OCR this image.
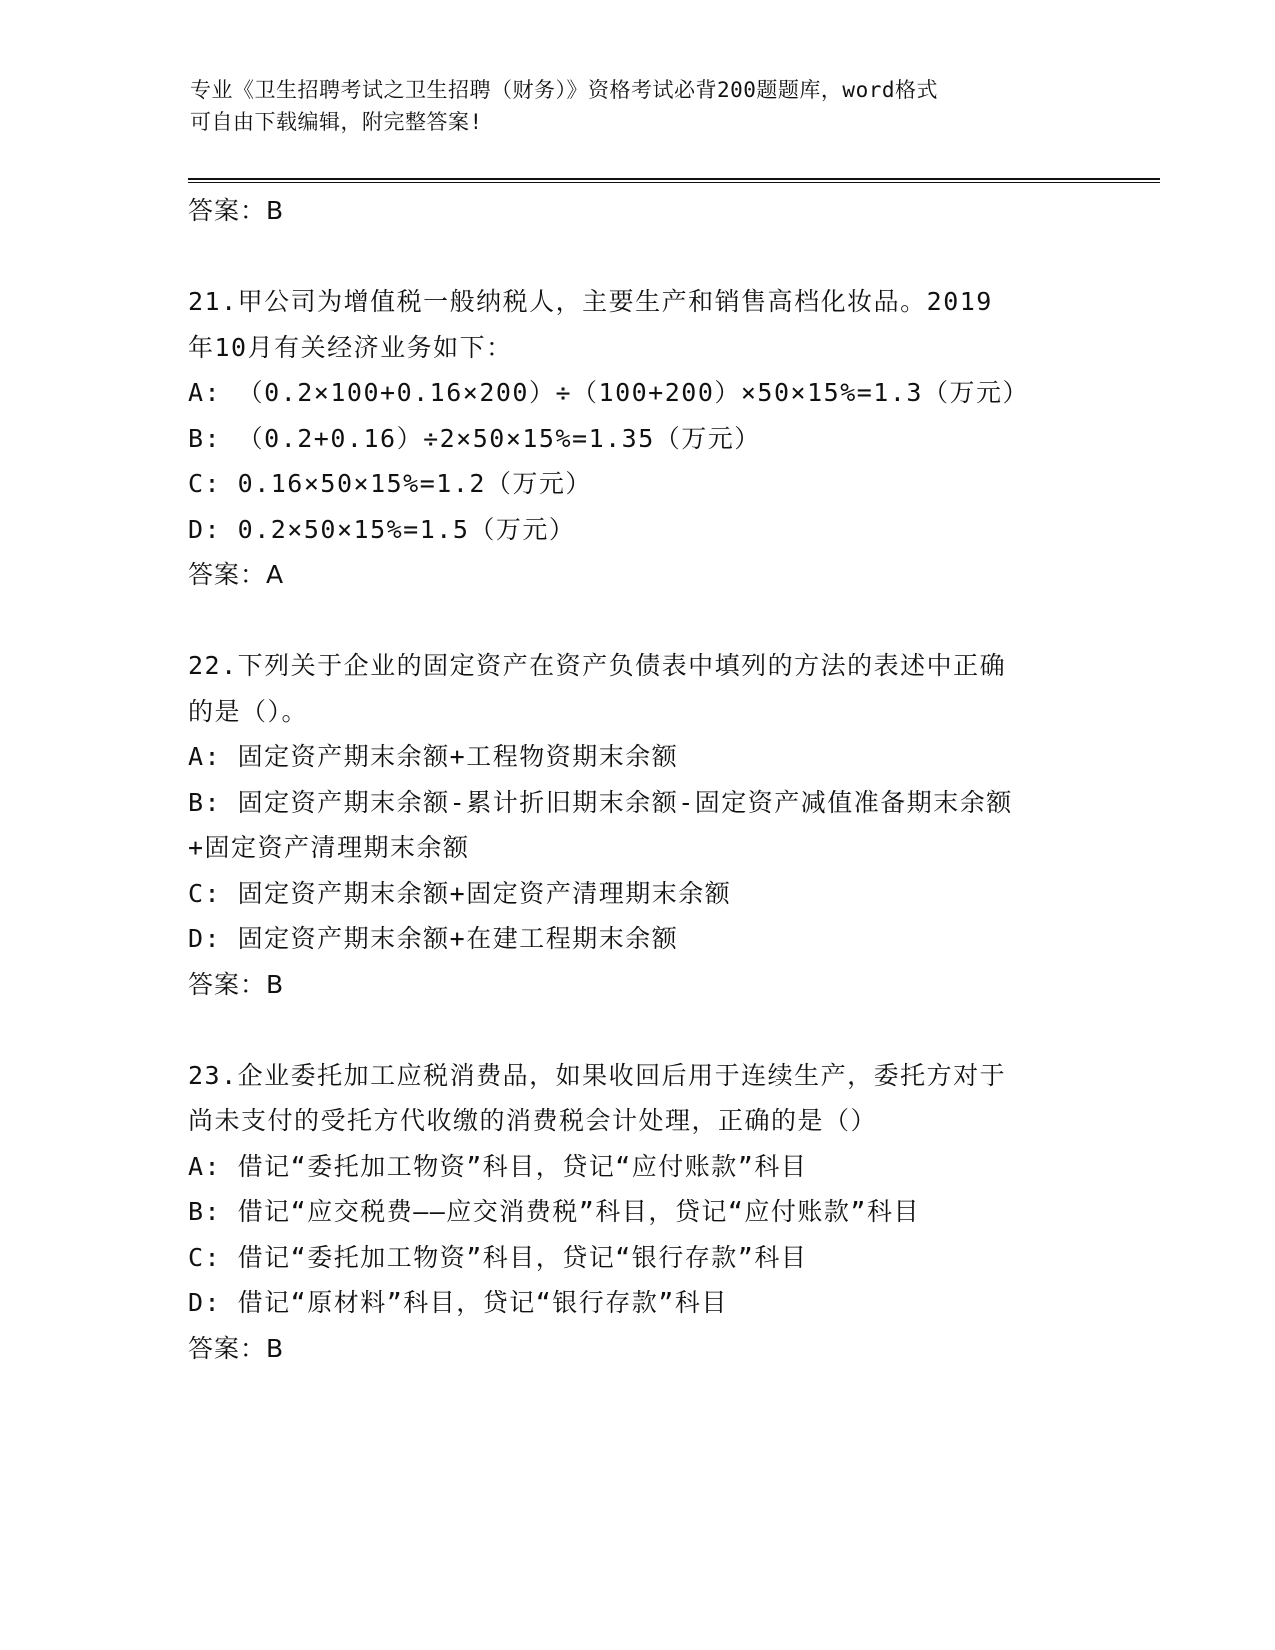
专业《卫生招聘考试之卫生招聘（财务）》资格考试必背200题题库，word格式
可自由下载编辑，附完整答案!

答案：B

21.甲公司为增值税一般纳税人，主要生产和销售高档化妆品。2019

年10月有关经济业务如下：

A: （0.2×100+0.16×200）÷（100+200）×50×15%=1.3（万元）

B: （0.2+0.16）÷2×50×15%=1.35（万元）

C: 0.16×50×15%=1.2（万元）

D: 0.2×50×15%=1.5（万元）

答案：A

22.下列关于企业的固定资产在资产负债表中填列的方法的表述中正确

的是（）。

A: 固定资产期末余额+工程物资期末余额

B: 固定资产期末余额-累计折旧期末余额-固定资产减值准备期末余额

+固定资产清理期末余额

C: 固定资产期末余额+固定资产清理期末余额

D: 固定资产期末余额+在建工程期末余额

答案：B

23.企业委托加工应税消费品，如果收回后用于连续生产，委托方对于

尚未支付的受托方代收缴的消费税会计处理，正确的是（）

A: 借记“委托加工物资”科目，贷记“应付账款”科目

B: 借记“应交税费——应交消费税”科目，贷记“应付账款”科目

C: 借记“委托加工物资”科目，贷记“银行存款”科目

D: 借记“原材料”科目，贷记“银行存款”科目

答案：B
